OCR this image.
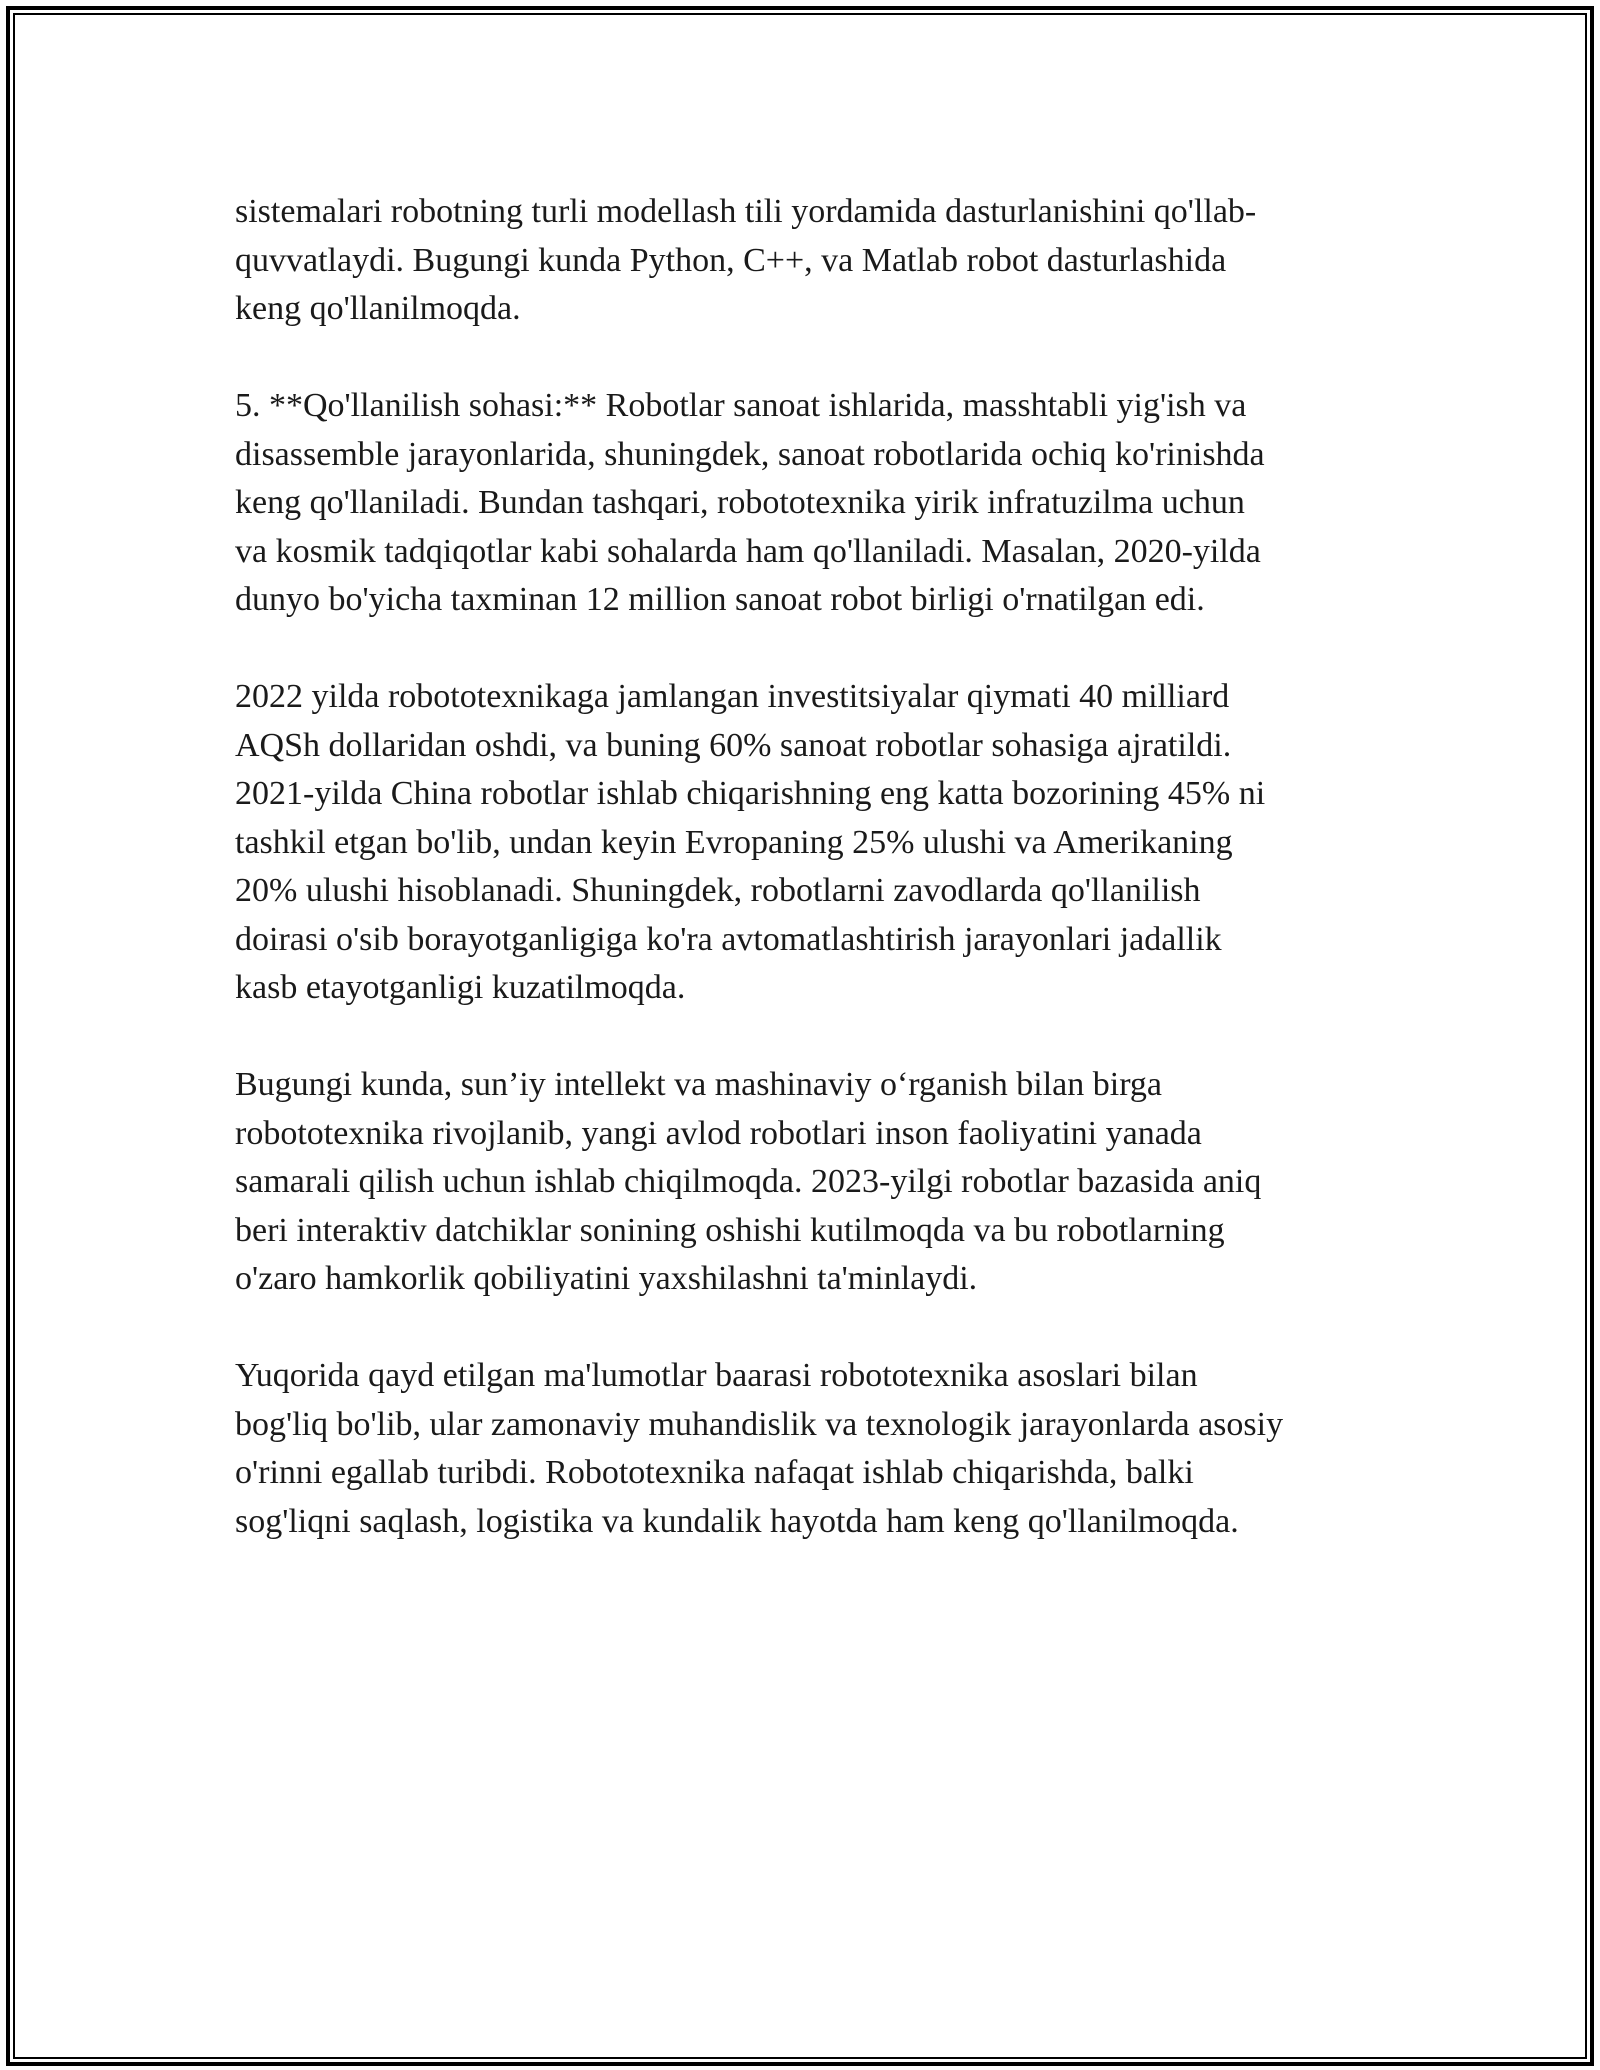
sistemalari robotning turli modellash tili yordamida dasturlanishini qo'llab-
quvvatlaydi. Bugungi kunda Python, C++, va Matlab robot dasturlashida
keng qo'llanilmoqda.

5. **Qo'llanilish sohasi:** Robotlar sanoat ishlarida, masshtabli yig'ish va
disassemble jarayonlarida, shuningdek, sanoat robotlarida ochiq ko'rinishda
keng qo'llaniladi. Bundan tashqari, robototexnika yirik infratuzilma uchun
va kosmik tadqiqotlar kabi sohalarda ham qo'llaniladi. Masalan, 2020-yilda
dunyo bo'yicha taxminan 12 million sanoat robot birligi o'rnatilgan edi.

2022 yilda robototexnikaga jamlangan investitsiyalar qiymati 40 milliard
AQSh dollaridan oshdi, va buning 60% sanoat robotlar sohasiga ajratildi.
2021-yilda China robotlar ishlab chiqarishning eng katta bozorining 45% ni
tashkil etgan bo'lib, undan keyin Evropaning 25% ulushi va Amerikaning
20% ulushi hisoblanadi. Shuningdek, robotlarni zavodlarda qo'llanilish
doirasi o'sib borayotganligiga ko'ra avtomatlashtirish jarayonlari jadallik
kasb etayotganligi kuzatilmoqda.

Bugungi kunda, sun’iy intellekt va mashinaviy o‘rganish bilan birga
robototexnika rivojlanib, yangi avlod robotlari inson faoliyatini yanada
samarali qilish uchun ishlab chiqilmoqda. 2023-yilgi robotlar bazasida aniq
beri interaktiv datchiklar sonining oshishi kutilmoqda va bu robotlarning
o'zaro hamkorlik qobiliyatini yaxshilashni ta'minlaydi.

Yuqorida qayd etilgan ma'lumotlar baarasi robototexnika asoslari bilan
bog'liq bo'lib, ular zamonaviy muhandislik va texnologik jarayonlarda asosiy
o'rinni egallab turibdi. Robototexnika nafaqat ishlab chiqarishda, balki
sog'liqni saqlash, logistika va kundalik hayotda ham keng qo'llanilmoqda.
